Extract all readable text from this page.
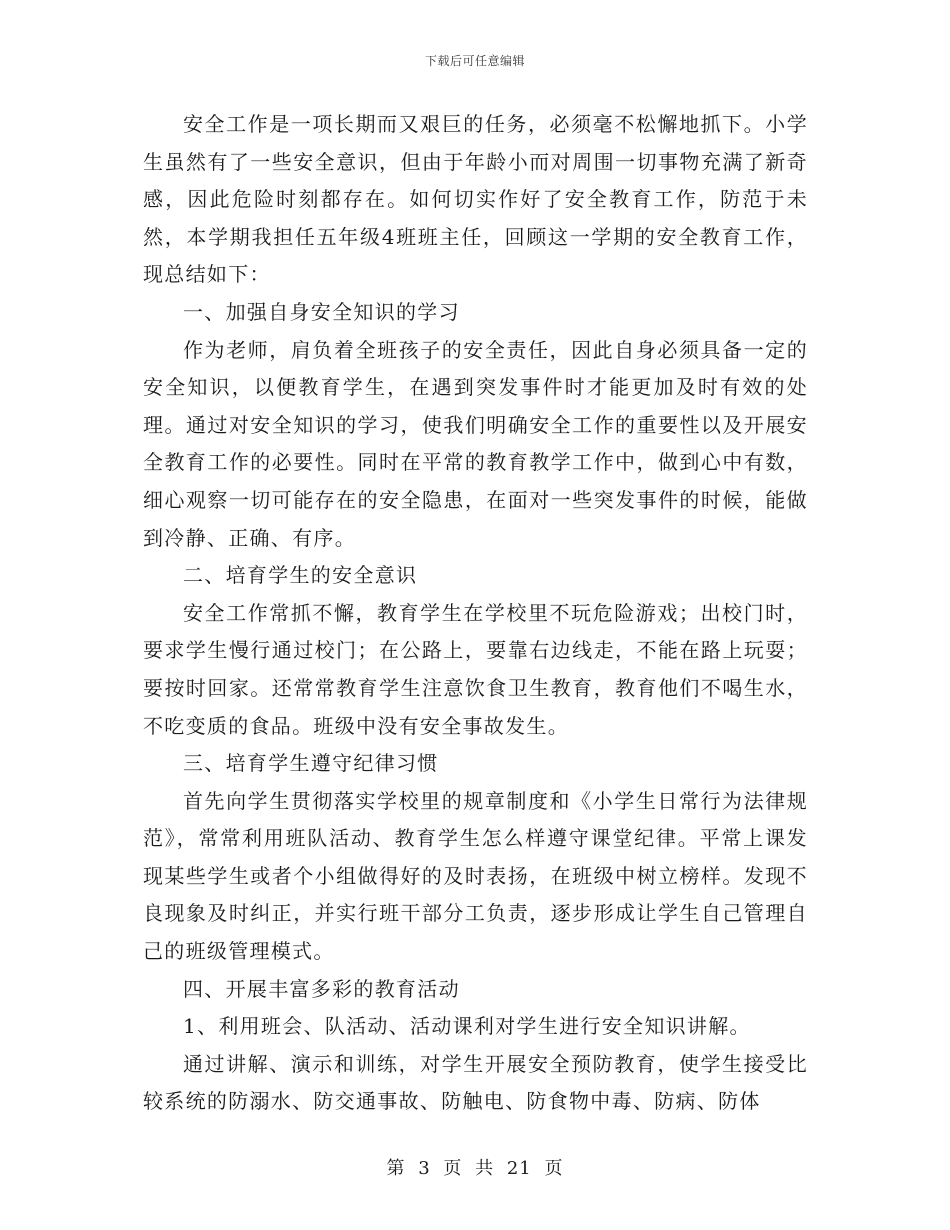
下载后可任意编辑

安全工作是一项长期而又艰巨的任务，必须毫不松懈地抓下。小学生虽然有了一些安全意识，但由于年龄小而对周围一切事物充满了新奇感，因此危险时刻都存在。如何切实作好了安全教育工作，防范于未然，本学期我担任五年级4班班主任，回顾这一学期的安全教育工作，现总结如下：

一、加强自身安全知识的学习

作为老师，肩负着全班孩子的安全责任，因此自身必须具备一定的安全知识，以便教育学生，在遇到突发事件时才能更加及时有效的处理。通过对安全知识的学习，使我们明确安全工作的重要性以及开展安全教育工作的必要性。同时在平常的教育教学工作中，做到心中有数，细心观察一切可能存在的安全隐患，在面对一些突发事件的时候，能做到冷静、正确、有序。

二、培育学生的安全意识

安全工作常抓不懈，教育学生在学校里不玩危险游戏；出校门时，要求学生慢行通过校门；在公路上，要靠右边线走，不能在路上玩耍；要按时回家。还常常教育学生注意饮食卫生教育，教育他们不喝生水，不吃变质的食品。班级中没有安全事故发生。

三、培育学生遵守纪律习惯

首先向学生贯彻落实学校里的规章制度和《小学生日常行为法律规范》，常常利用班队活动、教育学生怎么样遵守课堂纪律。平常上课发现某些学生或者个小组做得好的及时表扬，在班级中树立榜样。发现不良现象及时纠正，并实行班干部分工负责，逐步形成让学生自己管理自己的班级管理模式。

四、开展丰富多彩的教育活动

1、利用班会、队活动、活动课利对学生进行安全知识讲解。

通过讲解、演示和训练，对学生开展安全预防教育，使学生接受比较系统的防溺水、防交通事故、防触电、防食物中毒、防病、防体

第 3 页 共 21 页
